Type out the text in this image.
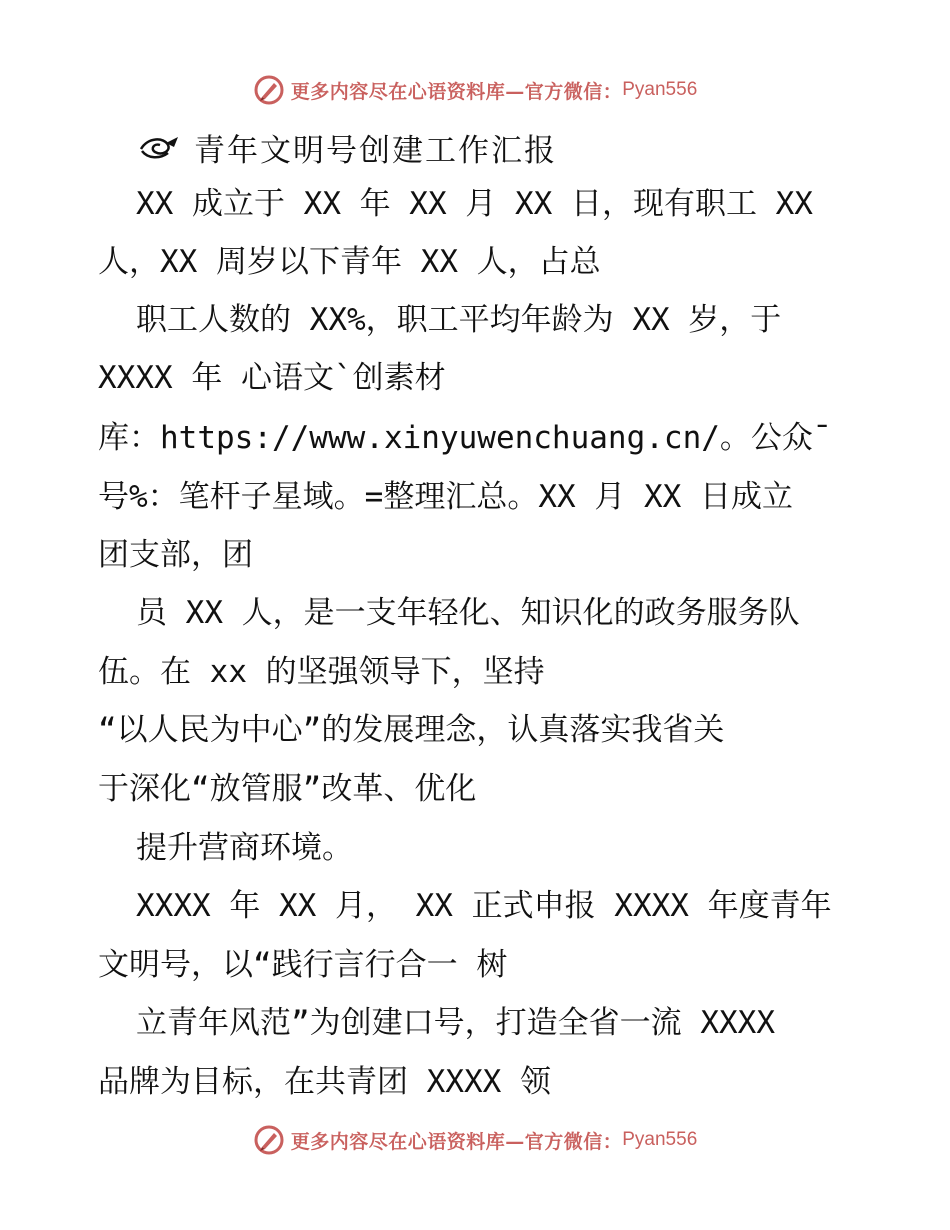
更多内容尽在心语资料库—官方微信： Pyan556
青年文明号创建工作汇报
XX 成立于 XX 年 XX 月 XX 日，现有职工 XX
人，XX 周岁以下青年 XX 人，占总
职工人数的 XX%，职工平均年龄为 XX 岁，于
XXXX 年 心语文`创素材
库：https://www.xinyuwenchuang.cn/。公众¯
号%：笔杆子星域。=整理汇总。XX 月 XX 日成立
团支部，团
员 XX 人，是一支年轻化、知识化的政务服务队
伍。在 xx 的坚强领导下，坚持
“以人民为中心”的发展理念，认真落实我省关
于深化“放管服”改革、优化
提升营商环境。
XXXX 年 XX 月， XX 正式申报 XXXX 年度青年
文明号，以“践行言行合一 树
立青年风范”为创建口号，打造全省一流 XXXX
品牌为目标，在共青团 XXXX 领
更多内容尽在心语资料库—官方微信： Pyan556
